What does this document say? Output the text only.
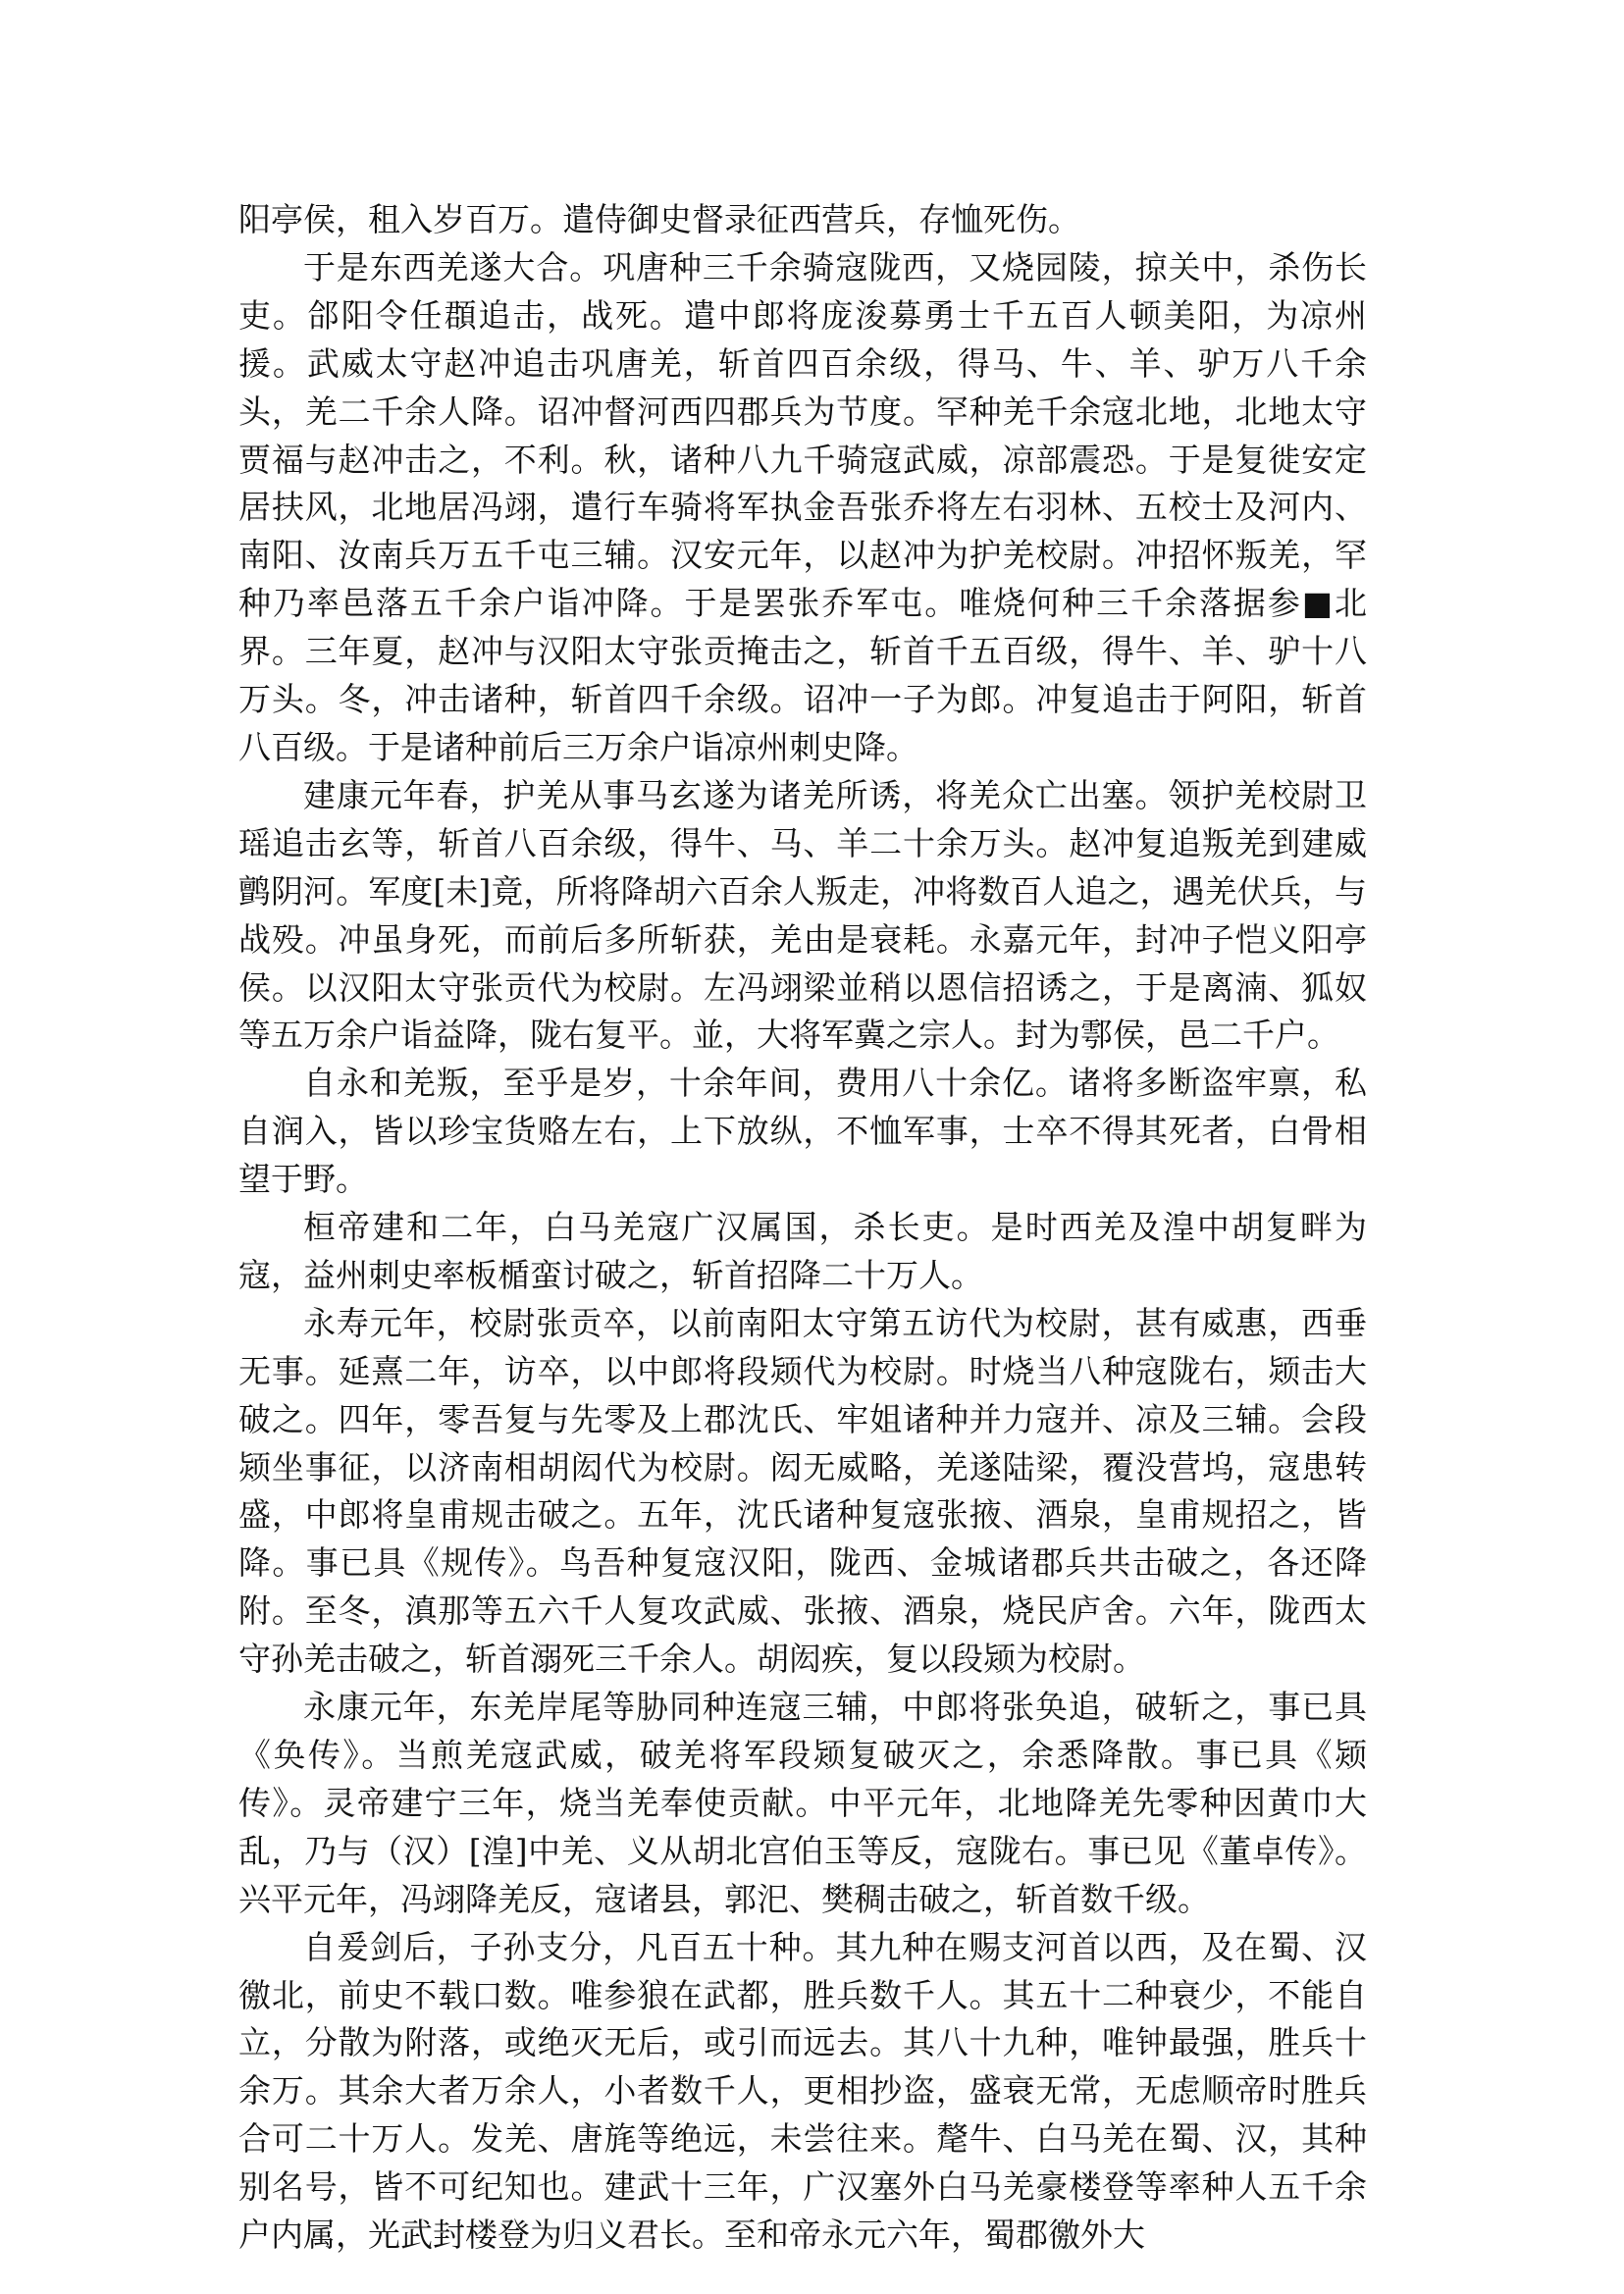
阳亭侯，租入岁百万。遣侍御史督录征西营兵，存恤死伤。

于是东西羌遂大合。巩唐种三千余骑寇陇西，又烧园陵，掠关中，杀伤长吏。郃阳令任頵追击，战死。遣中郎将庞浚募勇士千五百人顿美阳，为凉州援。武威太守赵冲追击巩唐羌，斩首四百余级，得马、牛、羊、驴万八千余头，羌二千余人降。诏冲督河西四郡兵为节度。罕种羌千余寇北地，北地太守贾福与赵冲击之，不利。秋，诸种八九千骑寇武威，凉部震恐。于是复徙安定居扶风，北地居冯翊，遣行车骑将军执金吾张乔将左右羽林、五校士及河内、南阳、汝南兵万五千屯三辅。汉安元年，以赵冲为护羌校尉。冲招怀叛羌，罕种乃率邑落五千余户诣冲降。于是罢张乔军屯。唯烧何种三千余落据参■北界。三年夏，赵冲与汉阳太守张贡掩击之，斩首千五百级，得牛、羊、驴十八万头。冬，冲击诸种，斩首四千余级。诏冲一子为郎。冲复追击于阿阳，斩首八百级。于是诸种前后三万余户诣凉州刺史降。

建康元年春，护羌从事马玄遂为诸羌所诱，将羌众亡出塞。领护羌校尉卫瑶追击玄等，斩首八百余级，得牛、马、羊二十余万头。赵冲复追叛羌到建威鹯阴河。军度[未]竟，所将降胡六百余人叛走，冲将数百人追之，遇羌伏兵，与战殁。冲虽身死，而前后多所斩获，羌由是衰耗。永嘉元年，封冲子恺义阳亭侯。以汉阳太守张贡代为校尉。左冯翊梁並稍以恩信招诱之，于是离湳、狐奴等五万余户诣益降，陇右复平。並，大将军冀之宗人。封为鄠侯，邑二千户。

自永和羌叛，至乎是岁，十余年间，费用八十余亿。诸将多断盗牢禀，私自润入，皆以珍宝货赂左右，上下放纵，不恤军事，士卒不得其死者，白骨相望于野。

桓帝建和二年，白马羌寇广汉属国，杀长吏。是时西羌及湟中胡复畔为寇，益州刺史率板楯蛮讨破之，斩首招降二十万人。

永寿元年，校尉张贡卒，以前南阳太守第五访代为校尉，甚有威惠，西垂无事。延熹二年，访卒，以中郎将段颎代为校尉。时烧当八种寇陇右，颎击大破之。四年，零吾复与先零及上郡沈氏、牢姐诸种并力寇并、凉及三辅。会段颎坐事征，以济南相胡闳代为校尉。闳无威略，羌遂陆梁，覆没营坞，寇患转盛，中郎将皇甫规击破之。五年，沈氏诸种复寇张掖、酒泉，皇甫规招之，皆降。事已具《规传》。鸟吾种复寇汉阳，陇西、金城诸郡兵共击破之，各还降附。至冬，滇那等五六千人复攻武威、张掖、酒泉，烧民庐舍。六年，陇西太守孙羌击破之，斩首溺死三千余人。胡闳疾，复以段颎为校尉。

永康元年，东羌岸尾等胁同种连寇三辅，中郎将张奂追，破斩之，事已具《奂传》。当煎羌寇武威，破羌将军段颎复破灭之，余悉降散。事已具《颎传》。灵帝建宁三年，烧当羌奉使贡献。中平元年，北地降羌先零种因黄巾大乱，乃与（汉）[湟]中羌、义从胡北宫伯玉等反，寇陇右。事已见《董卓传》。兴平元年，冯翊降羌反，寇诸县，郭汜、樊稠击破之，斩首数千级。

自爰剑后，子孙支分，凡百五十种。其九种在赐支河首以西，及在蜀、汉徼北，前史不载口数。唯参狼在武都，胜兵数千人。其五十二种衰少，不能自立，分散为附落，或绝灭无后，或引而远去。其八十九种，唯钟最强，胜兵十余万。其余大者万余人，小者数千人，更相抄盗，盛衰无常，无虑顺帝时胜兵合可二十万人。发羌、唐旄等绝远，未尝往来。氂牛、白马羌在蜀、汉，其种别名号，皆不可纪知也。建武十三年，广汉塞外白马羌豪楼登等率种人五千余户内属，光武封楼登为归义君长。至和帝永元六年，蜀郡徼外大
